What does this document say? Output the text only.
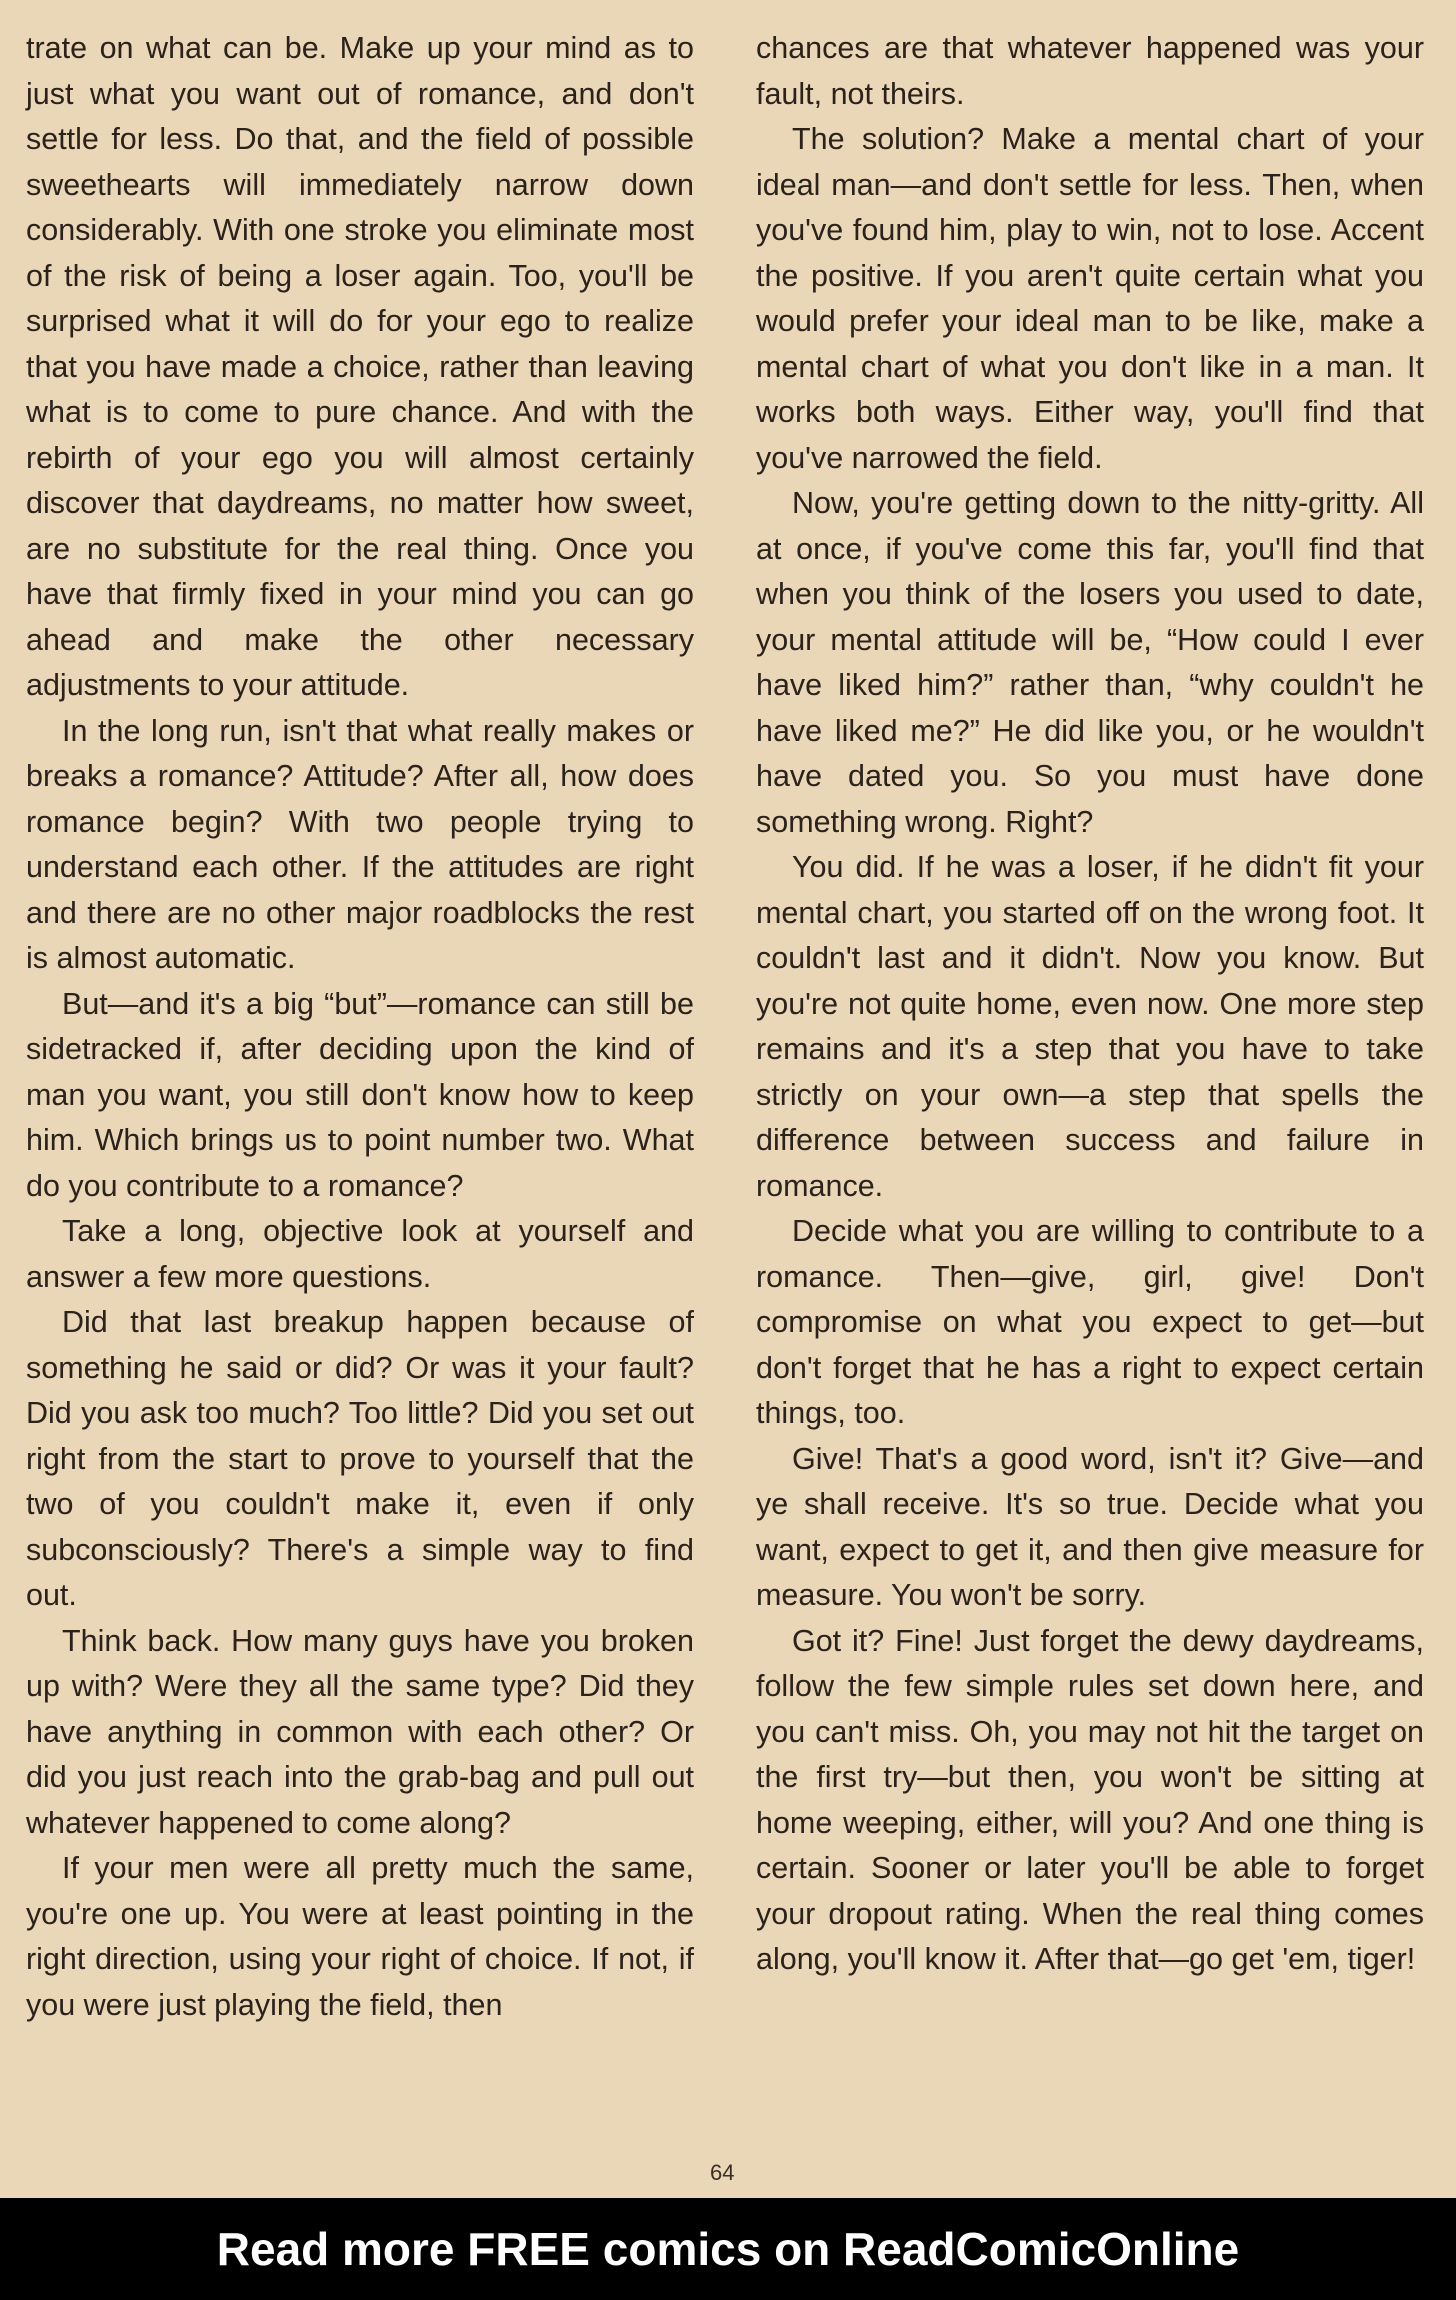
trate on what can be. Make up your mind as to just what you want out of romance, and don't settle for less. Do that, and the field of possible sweethearts will immediately narrow down considerably. With one stroke you eliminate most of the risk of being a loser again. Too, you'll be surprised what it will do for your ego to realize that you have made a choice, rather than leaving what is to come to pure chance. And with the rebirth of your ego you will almost certainly discover that daydreams, no matter how sweet, are no substitute for the real thing. Once you have that firmly fixed in your mind you can go ahead and make the other necessary adjustments to your attitude.

In the long run, isn't that what really makes or breaks a romance? Attitude? After all, how does romance begin? With two people trying to understand each other. If the attitudes are right and there are no other major roadblocks the rest is almost automatic.

But—and it's a big “but”—romance can still be sidetracked if, after deciding upon the kind of man you want, you still don't know how to keep him. Which brings us to point number two. What do you contribute to a romance?

Take a long, objective look at yourself and answer a few more questions.

Did that last breakup happen because of something he said or did? Or was it your fault? Did you ask too much? Too little? Did you set out right from the start to prove to yourself that the two of you couldn't make it, even if only subconsciously? There's a simple way to find out.

Think back. How many guys have you broken up with? Were they all the same type? Did they have anything in common with each other? Or did you just reach into the grab-bag and pull out whatever happened to come along?

If your men were all pretty much the same, you're one up. You were at least pointing in the right direction, using your right of choice. If not, if you were just playing the field, then

chances are that whatever happened was your fault, not theirs.

The solution? Make a mental chart of your ideal man—and don't settle for less. Then, when you've found him, play to win, not to lose. Accent the positive. If you aren't quite certain what you would prefer your ideal man to be like, make a mental chart of what you don't like in a man. It works both ways. Either way, you'll find that you've narrowed the field.

Now, you're getting down to the nitty-gritty. All at once, if you've come this far, you'll find that when you think of the losers you used to date, your mental attitude will be, “How could I ever have liked him?” rather than, “why couldn't he have liked me?” He did like you, or he wouldn't have dated you. So you must have done something wrong. Right?

You did. If he was a loser, if he didn't fit your mental chart, you started off on the wrong foot. It couldn't last and it didn't. Now you know. But you're not quite home, even now. One more step remains and it's a step that you have to take strictly on your own—a step that spells the difference between success and failure in romance.

Decide what you are willing to contribute to a romance. Then—give, girl, give! Don't compromise on what you expect to get—but don't forget that he has a right to expect certain things, too.

Give! That's a good word, isn't it? Give—and ye shall receive. It's so true. Decide what you want, expect to get it, and then give measure for measure. You won't be sorry.

Got it? Fine! Just forget the dewy daydreams, follow the few simple rules set down here, and you can't miss. Oh, you may not hit the target on the first try—but then, you won't be sitting at home weeping, either, will you? And one thing is certain. Sooner or later you'll be able to forget your dropout rating. When the real thing comes along, you'll know it. After that—go get 'em, tiger!

64
Read more FREE comics on ReadComicOnline
